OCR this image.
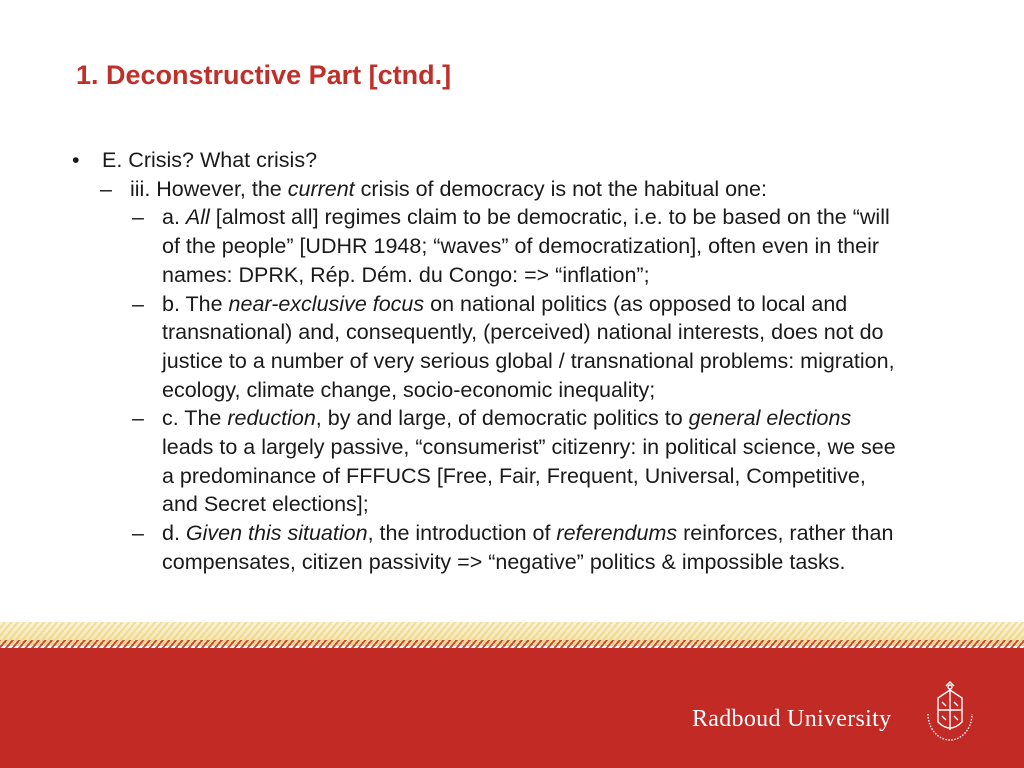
1. Deconstructive Part [ctnd.]
• E. Crisis? What crisis?
– iii. However, the current crisis of democracy is not the habitual one:
– a. All [almost all] regimes claim to be democratic, i.e. to be based on the “will
of the people” [UDHR 1948; “waves” of democratization], often even in their
names: DPRK, Rép. Dém. du Congo: => “inflation”;
– b. The near-exclusive focus on national politics (as opposed to local and
transnational) and, consequently, (perceived) national interests, does not do
justice to a number of very serious global / transnational problems: migration,
ecology, climate change, socio-economic inequality;
– c. The reduction, by and large, of democratic politics to general elections
leads to a largely passive, “consumerist” citizenry: in political science, we see
a predominance of FFFUCS [Free, Fair, Frequent, Universal, Competitive,
and Secret elections];
– d. Given this situation, the introduction of referendums reinforces, rather than
compensates, citizen passivity => “negative” politics & impossible tasks.
Radboud University
